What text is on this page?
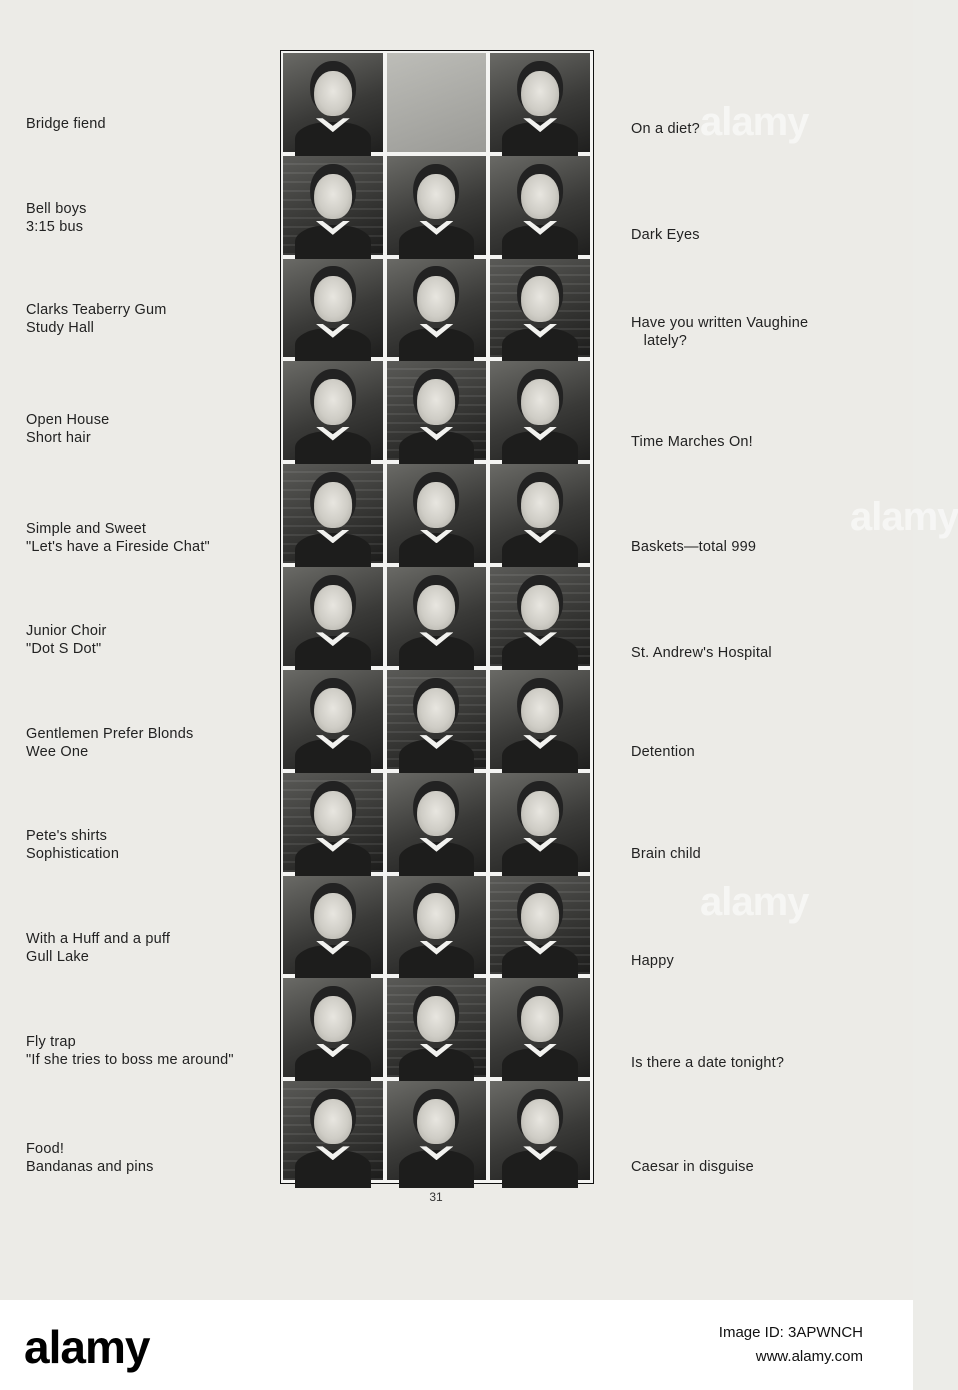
Bridge fiend
Bell boys
3:15 bus
Clarks Teaberry Gum
Study Hall
Open House
Short hair
Simple and Sweet
"Let's have a Fireside Chat"
Junior Choir
"Dot S Dot"
Gentlemen Prefer Blonds
Wee One
Pete's shirts
Sophistication
With a Huff and a puff
Gull Lake
Fly trap
"If she tries to boss me around"
Food!
Bandanas and pins
On a diet?
Dark Eyes
Have you written Vaughine
lately?
Time Marches On!
Baskets—total 999
St. Andrew's Hospital
Detention
Brain child
Happy
Is there a date tonight?
Caesar in disguise
31
alamy
alamy
alamy
alamy	Image ID: 3APWNCH
www.alamy.com
